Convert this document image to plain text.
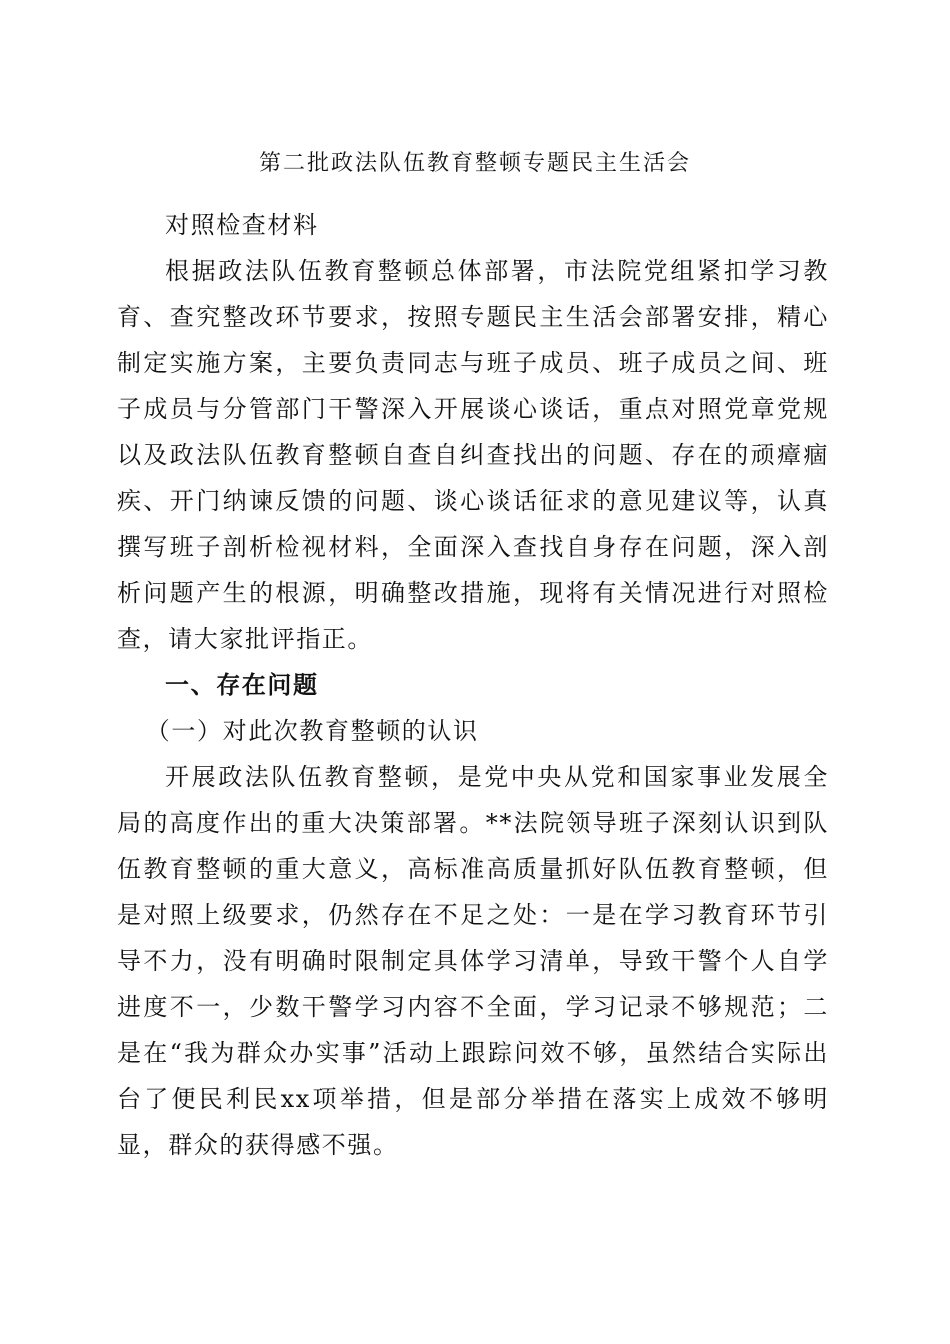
第二批政法队伍教育整顿专题民主生活会

对照检查材料

根据政法队伍教育整顿总体部署，市法院党组紧扣学习教育、查究整改环节要求，按照专题民主生活会部署安排，精心制定实施方案，主要负责同志与班子成员、班子成员之间、班子成员与分管部门干警深入开展谈心谈话，重点对照党章党规以及政法队伍教育整顿自查自纠查找出的问题、存在的顽瘴痼疾、开门纳谏反馈的问题、谈心谈话征求的意见建议等，认真撰写班子剖析检视材料，全面深入查找自身存在问题，深入剖析问题产生的根源，明确整改措施，现将有关情况进行对照检查，请大家批评指正。

一、存在问题

（一）对此次教育整顿的认识

开展政法队伍教育整顿，是党中央从党和国家事业发展全局的高度作出的重大决策部署。**法院领导班子深刻认识到队伍教育整顿的重大意义，高标准高质量抓好队伍教育整顿，但是对照上级要求，仍然存在不足之处：一是在学习教育环节引导不力，没有明确时限制定具体学习清单，导致干警个人自学进度不一，少数干警学习内容不全面，学习记录不够规范；二是在“我为群众办实事”活动上跟踪问效不够，虽然结合实际出台了便民利民xx项举措，但是部分举措在落实上成效不够明显，群众的获得感不强。
